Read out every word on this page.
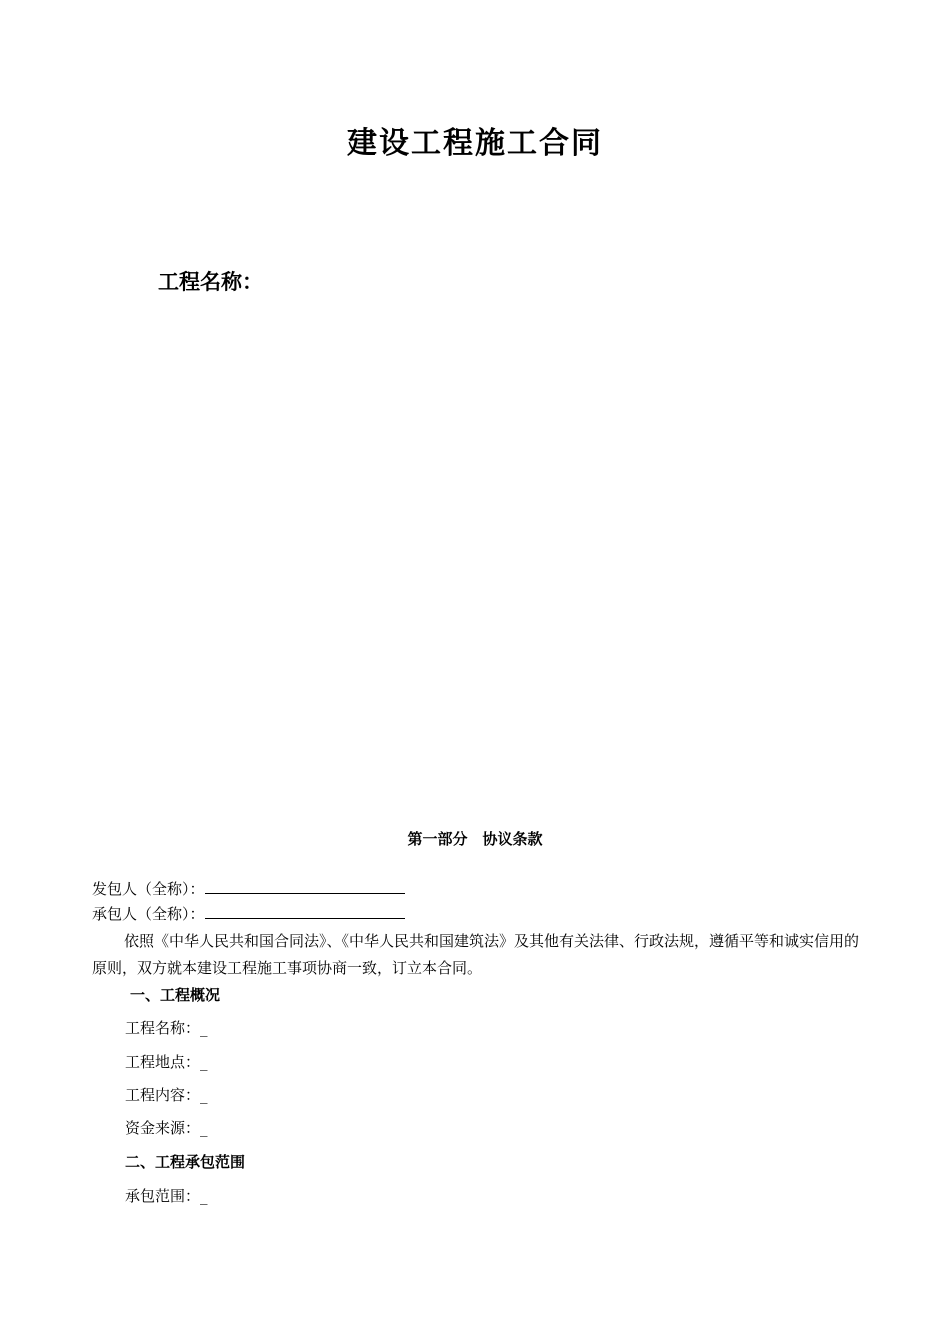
建设工程施工合同
工程名称：
第一部分　协议条款
发包人（全称）：
承包人（全称）：
依照《中华人民共和国合同法》、《中华人民共和国建筑法》及其他有关法律、行政法规，遵循平等和诚实信用的原则，双方就本建设工程施工事项协商一致，订立本合同。
一、工程概况
工程名称：_
工程地点：_
工程内容：_
资金来源：_
二、工程承包范围
承包范围：_
